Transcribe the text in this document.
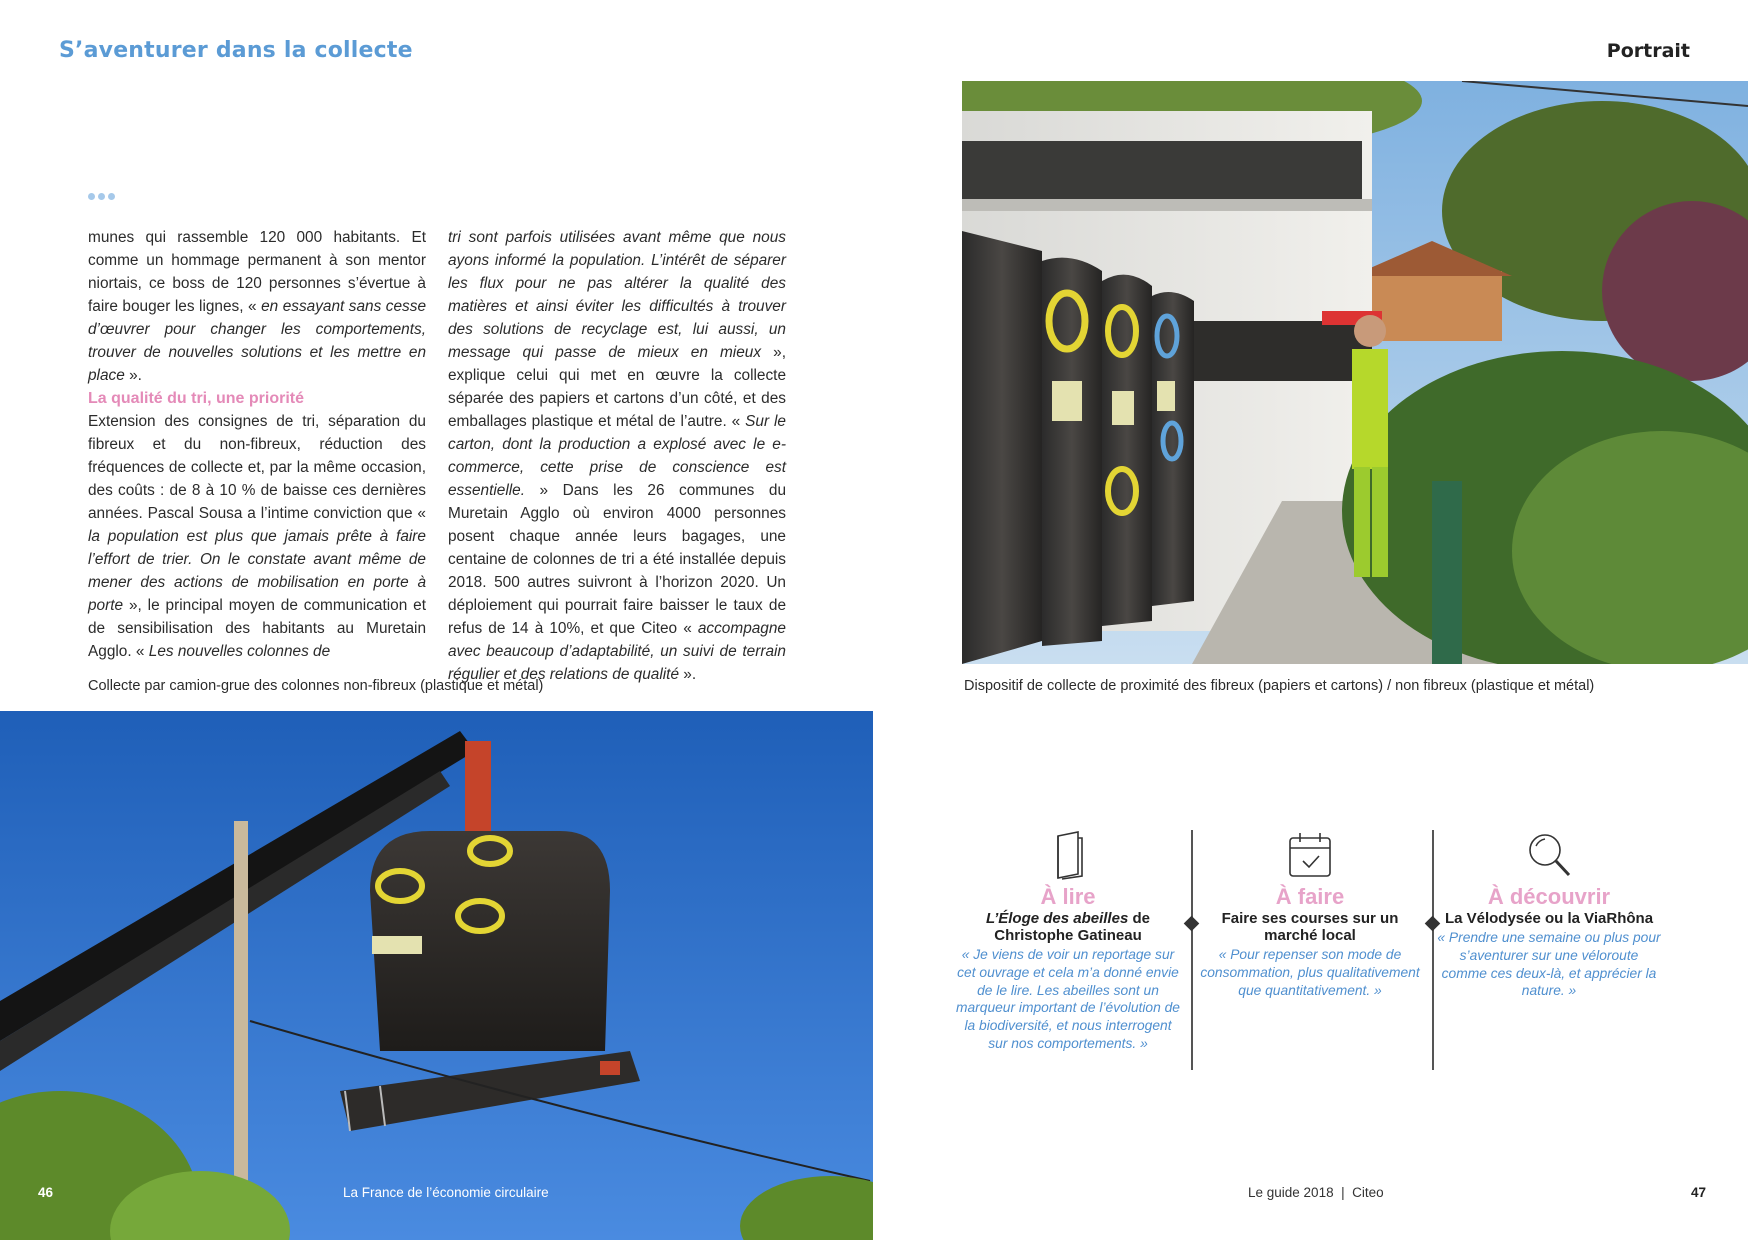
S’aventurer dans la collecte	Portrait

munes qui rassemble 120 000 habitants. Et comme un hommage permanent à son mentor niortais, ce boss de 120 personnes s’évertue à faire bouger les lignes, « en essayant sans cesse d’œuvrer pour changer les comportements, trouver de nouvelles solutions et les mettre en place ».

La qualité du tri, une priorité

Extension des consignes de tri, séparation du fibreux et du non-fibreux, réduction des fréquences de collecte et, par la même occasion, des coûts : de 8 à 10 % de baisse ces dernières années. Pascal Sousa a l’intime conviction que « la population est plus que jamais prête à faire l’effort de trier. On le constate avant même de mener des actions de mobilisation en porte à porte », le principal moyen de communication et de sensibilisation des habitants au Muretain Agglo. « Les nouvelles colonnes de

tri sont parfois utilisées avant même que nous ayons informé la population. L’intérêt de séparer les flux pour ne pas altérer la qualité des matières et ainsi éviter les difficultés à trouver des solutions de recyclage est, lui aussi, un message qui passe de mieux en mieux », explique celui qui met en œuvre la collecte séparée des papiers et cartons d’un côté, et des emballages plastique et métal de l’autre. « Sur le carton, dont la production a explosé avec le e-commerce, cette prise de conscience est essentielle. » Dans les 26 communes du Muretain Agglo où environ 4000 personnes posent chaque année leurs bagages, une centaine de colonnes de tri a été installée depuis 2018. 500 autres suivront à l’horizon 2020. Un déploiement qui pourrait faire baisser le taux de refus de 14 à 10%, et que Citeo « accompagne avec beaucoup d’adaptabilité, un suivi de terrain régulier et des relations de qualité ».

Collecte par camion-grue des colonnes non-fibreux (plastique et métal)	Dispositif de collecte de proximité des fibreux (papiers et cartons) / non fibreux (plastique et métal)
À lire
L’Éloge des abeilles de Christophe Gatineau
« Je viens de voir un reportage sur cet ouvrage et cela m’a donné envie de le lire. Les abeilles sont un marqueur important de l’évolution de la biodiversité, et nous interrogent sur nos comportements. »
À faire
Faire ses courses sur un marché local
« Pour repenser son mode de consommation, plus qualitativement que quantitativement. »
À découvrir
La Vélodysée ou la ViaRhôna
« Prendre une semaine ou plus pour s’aventurer sur une véloroute comme ces deux-là, et apprécier la nature. »
46	La France de l’économie circulaire	Le guide 2018  |  Citeo	47
